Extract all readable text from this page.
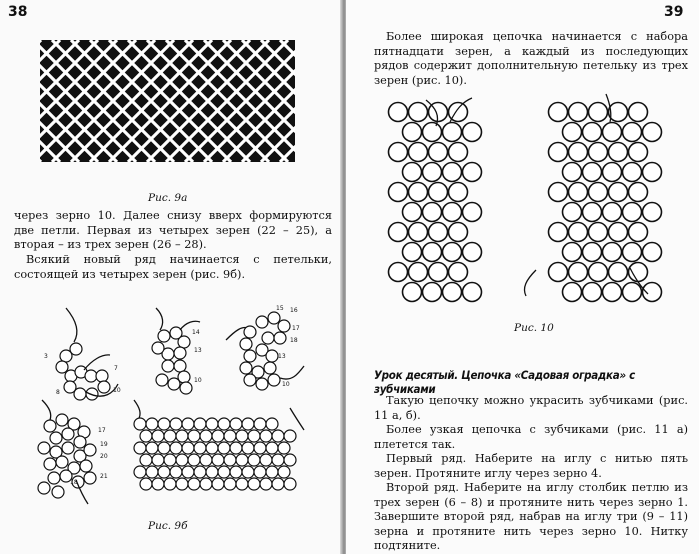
38
Рис. 9а

через зерно 10. Далее снизу вверх формируются две петли. Первая из четырех зерен (22 – 25), а вторая – из трех зерен (26 – 28).

Всякий новый ряд начинается с петельки, состоящей из четырех зерен (рис. 9б).

3
7
10
8
14
13
10
15 16
17
18
13
10
17
19
20
21
18
Рис. 9б
39

Более широкая цепочка начинается с набора пятнадцати зерен, а каждый из последующих рядов содержит дополнительную петельку из трех зерен (рис. 10).

Рис. 10
Урок десятый. Цепочка «Садовая оградка» с зубчиками

Такую цепочку можно украсить зубчиками (рис. 11 а, б).

Более узкая цепочка с зубчиками (рис. 11 а) плетется так.

Первый ряд. Наберите на иглу с нитью пять зерен. Протяните иглу через зерно 4.

Второй ряд. Наберите на иглу столбик петлю из трех зерен (6 – 8) и протяните нить через зерно 1. Завершите второй ряд, набрав на иглу три (9 – 11) зерна и протяните нить через зерно 10. Нитку подтяните.
